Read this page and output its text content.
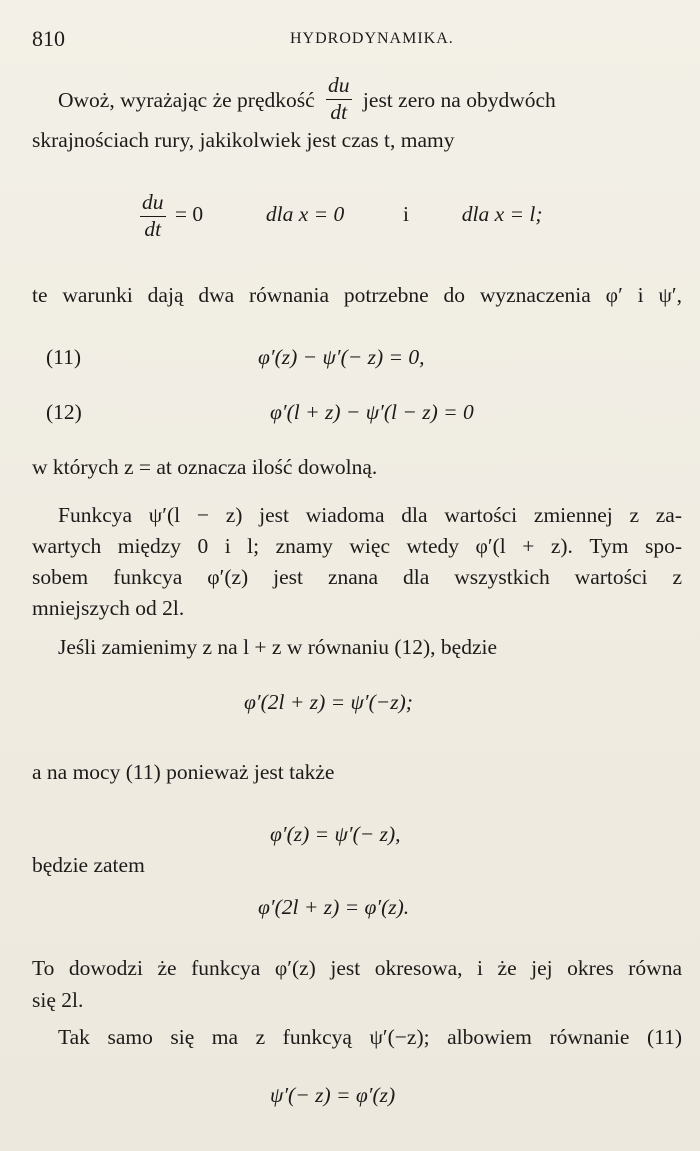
810	HYDRODYNAMIKA.
Owoż, wyrażając że prędkość $\frac{du}{dt}$ jest zero na obydwóch
skrajnościach rury, jakikolwiek jest czas t, mamy
$\frac{du}{dt} = 0$	dla x = 0	i dla x = l;
te warunki dają dwa równania potrzebne do wyznaczenia φ′ i ψ′,
(11)	φ′(z) − ψ′(− z) = 0,
(12)	φ′(l + z) − ψ′(l − z) = 0
w których z = at oznacza ilość dowolną.
Funkcya ψ′(l − z) jest wiadoma dla wartości zmiennej z za-
wartych między 0 i l; znamy więc wtedy φ′(l + z). Tym spo-
sobem funkcya φ′(z) jest znana dla wszystkich wartości z
mniejszych od 2l.
Jeśli zamienimy z na l + z w równaniu (12), będzie
φ′(2l + z) = ψ′(−z);
a na mocy (11) ponieważ jest także
φ′(z) = ψ′(− z),
będzie zatem
φ′(2l + z) = φ′(z).
To dowodzi że funkcya φ′(z) jest okresowa, i że jej okres równa
się 2l.
Tak samo się ma z funkcyą ψ′(−z); albowiem równanie (11)
ψ′(− z) = φ′(z)
